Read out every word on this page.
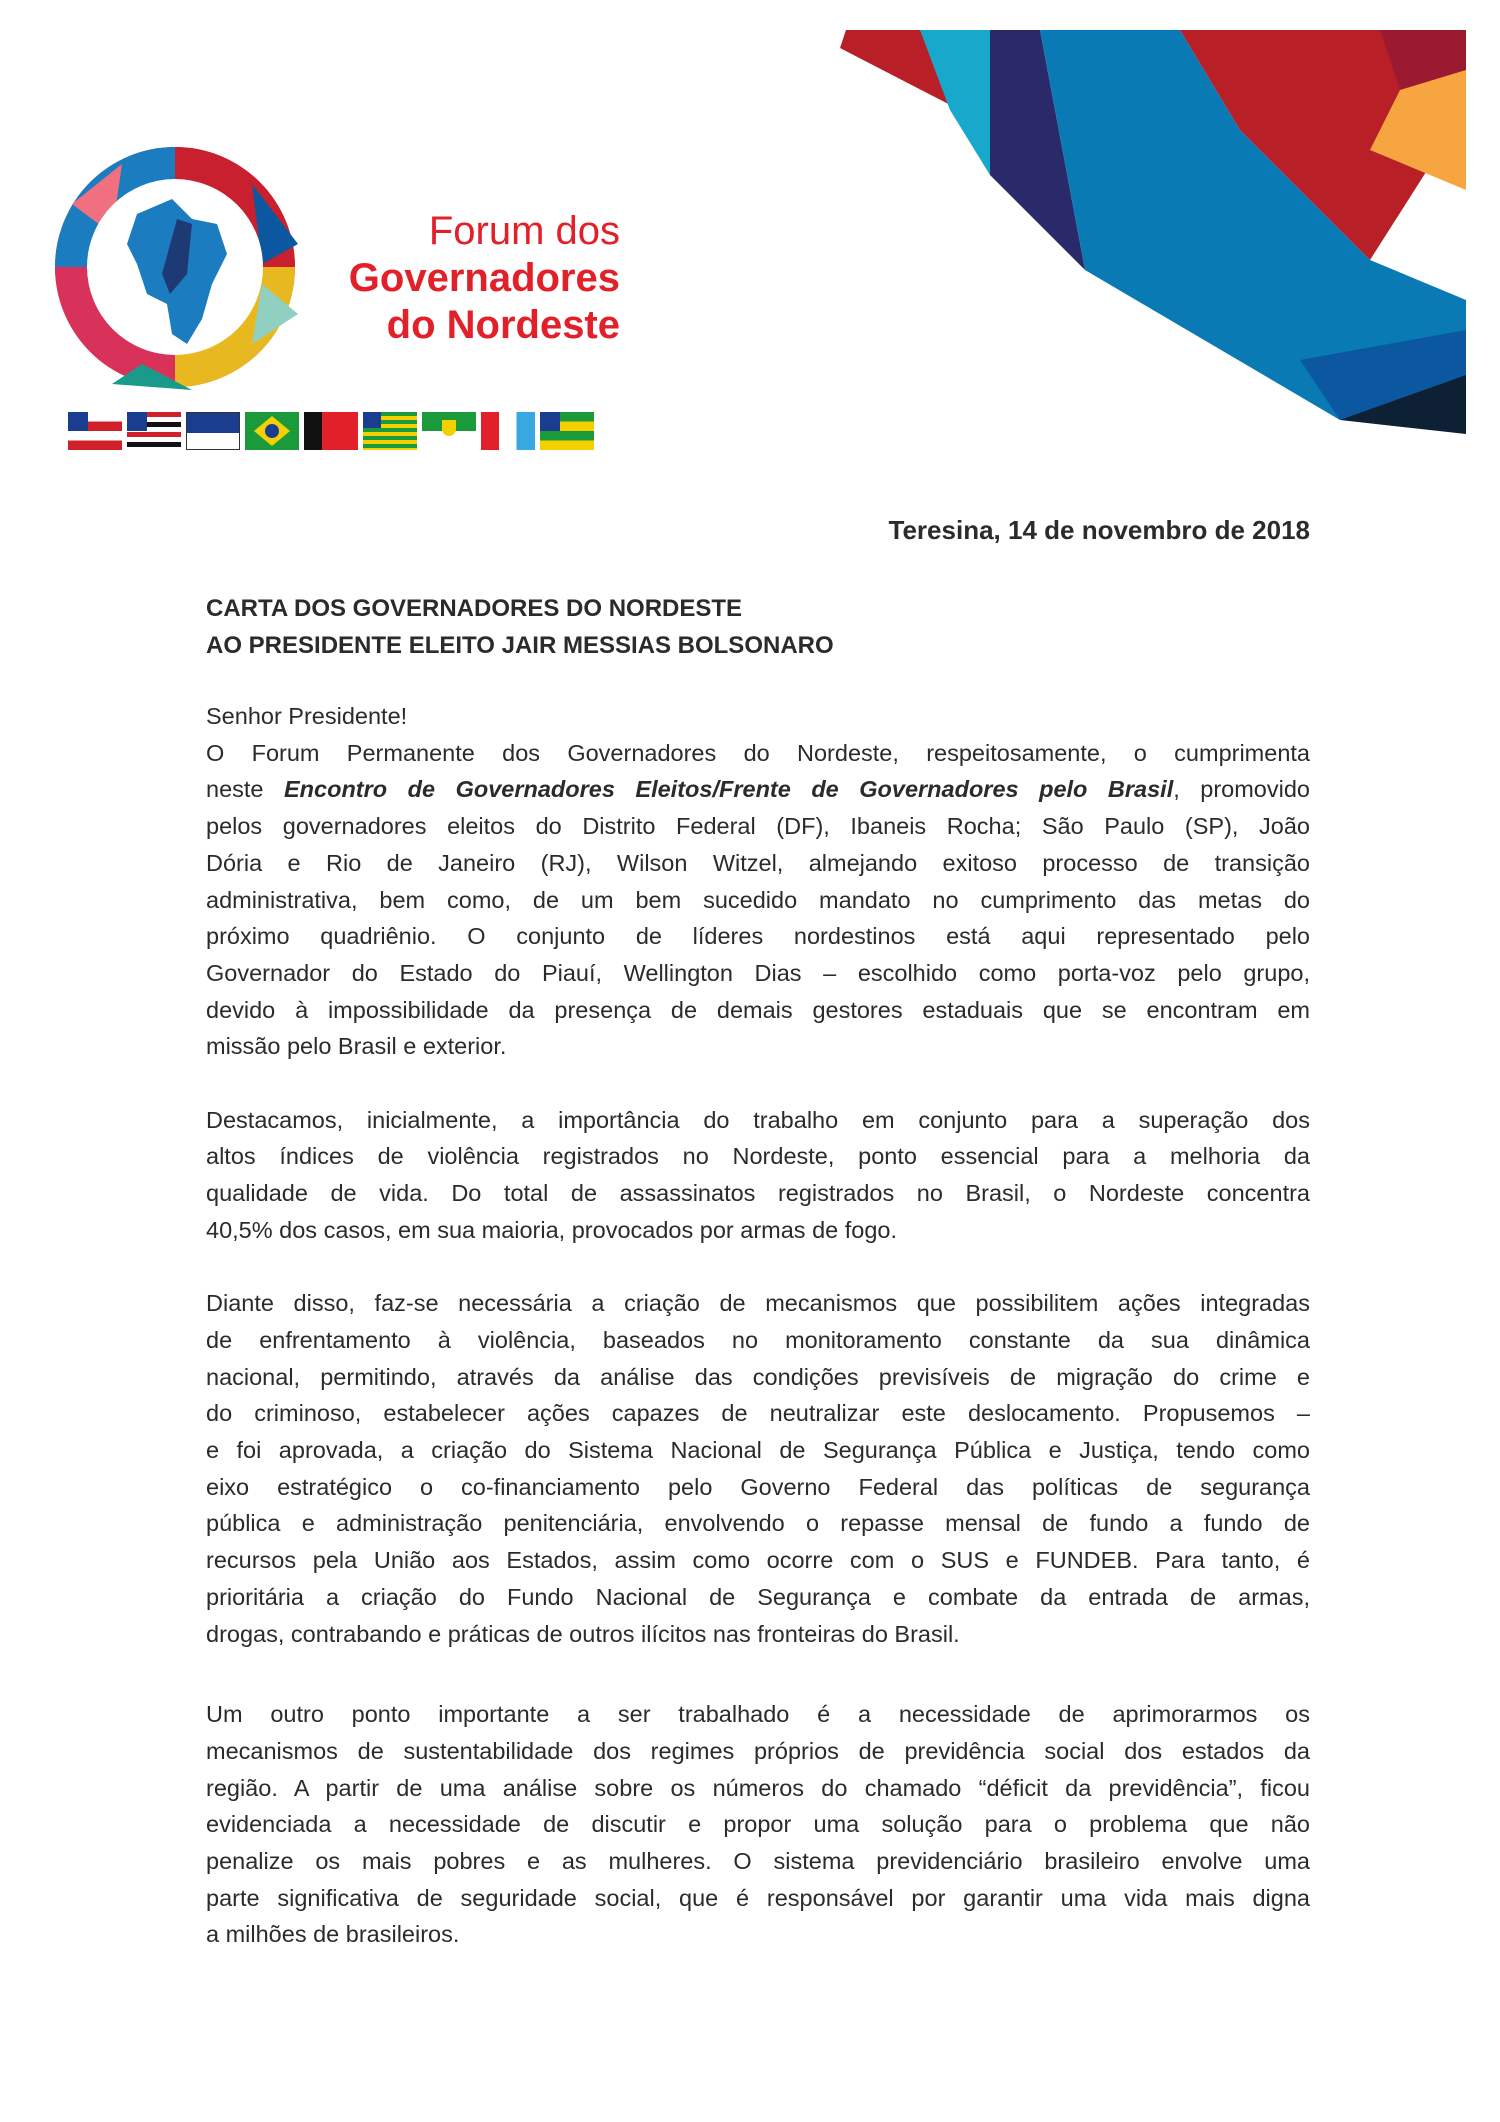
Forum dos
Governadores
do Nordeste
Teresina, 14 de novembro de 2018
CARTA DOS GOVERNADORES DO NORDESTE
AO PRESIDENTE ELEITO JAIR MESSIAS BOLSONARO
Senhor Presidente!
O Forum Permanente dos Governadores do Nordeste, respeitosamente, o cumprimenta
neste Encontro de Governadores Eleitos/Frente de Governadores pelo Brasil, promovido
pelos governadores eleitos do Distrito Federal (DF), Ibaneis Rocha; São Paulo (SP), João
Dória e Rio de Janeiro (RJ), Wilson Witzel, almejando exitoso processo de transição
administrativa, bem como, de um bem sucedido mandato no cumprimento das metas do
próximo quadriênio. O conjunto de líderes nordestinos está aqui representado pelo
Governador do Estado do Piauí, Wellington Dias – escolhido como porta-voz pelo grupo,
devido à impossibilidade da presença de demais gestores estaduais que se encontram em
missão pelo Brasil e exterior.
Destacamos, inicialmente, a importância do trabalho em conjunto para a superação dos
altos índices de violência registrados no Nordeste, ponto essencial para a melhoria da
qualidade de vida. Do total de assassinatos registrados no Brasil, o Nordeste concentra
40,5% dos casos, em sua maioria, provocados por armas de fogo.
Diante disso, faz-se necessária a criação de mecanismos que possibilitem ações integradas
de enfrentamento à violência, baseados no monitoramento constante da sua dinâmica
nacional, permitindo, através da análise das condições previsíveis de migração do crime e
do criminoso, estabelecer ações capazes de neutralizar este deslocamento. Propusemos –
e foi aprovada, a criação do Sistema Nacional de Segurança Pública e Justiça, tendo como
eixo estratégico o co-financiamento pelo Governo Federal das políticas de segurança
pública e administração penitenciária, envolvendo o repasse mensal de fundo a fundo de
recursos pela União aos Estados, assim como ocorre com o SUS e FUNDEB. Para tanto, é
prioritária a criação do Fundo Nacional de Segurança e combate da entrada de armas,
drogas, contrabando e práticas de outros ilícitos nas fronteiras do Brasil.
Um outro ponto importante a ser trabalhado é a necessidade de aprimorarmos os
mecanismos de sustentabilidade dos regimes próprios de previdência social dos estados da
região. A partir de uma análise sobre os números do chamado “déficit da previdência”, ficou
evidenciada a necessidade de discutir e propor uma solução para o problema que não
penalize os mais pobres e as mulheres. O sistema previdenciário brasileiro envolve uma
parte significativa de seguridade social, que é responsável por garantir uma vida mais digna
a milhões de brasileiros.
